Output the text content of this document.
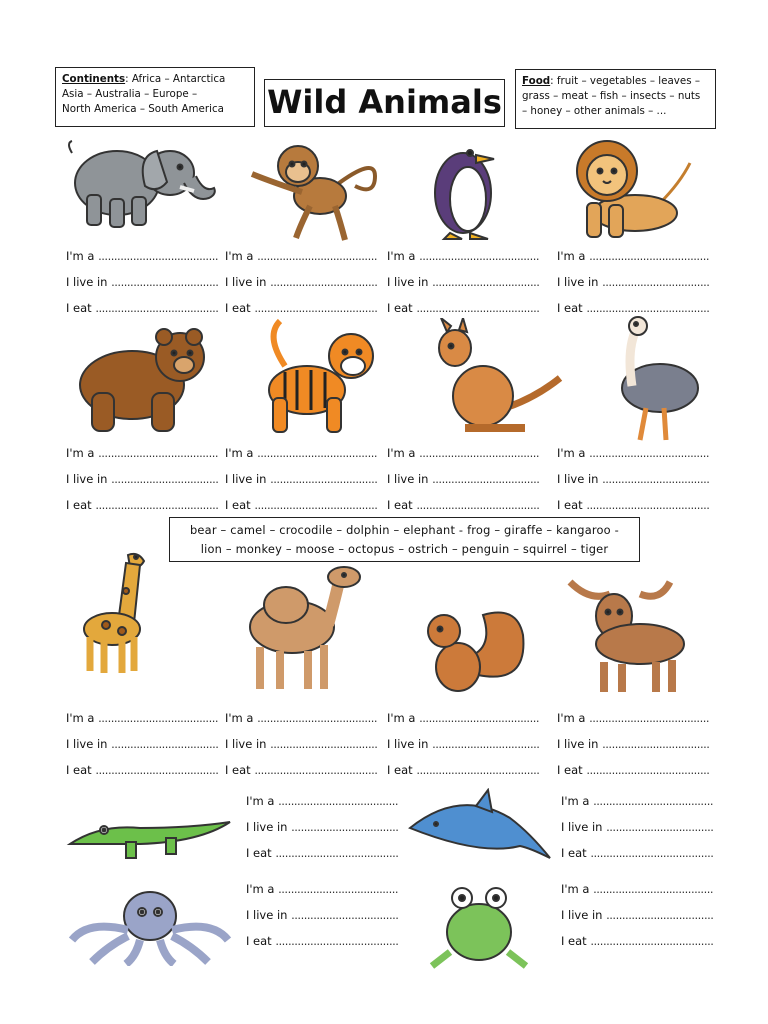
Continents: Africa – Antarctica
Asia – Australia – Europe –
North America – South America	Wild Animals
Food: fruit – vegetables – leaves –
grass – meat – fish – insects – nuts
– honey – other animals – ...
bear – camel – crocodile – dolphin – elephant - frog – giraffe – kangaroo -
lion – monkey – moose – octopus – ostrich – penguin – squirrel – tiger
I'm a ......................................
I live in ..................................
I eat .......................................
I'm a ......................................
I live in ..................................
I eat .......................................
I'm a ......................................
I live in ..................................
I eat .......................................
I'm a ......................................
I live in ..................................
I eat .......................................
I'm a ......................................
I live in ..................................
I eat .......................................
I'm a ......................................
I live in ..................................
I eat .......................................
I'm a ......................................
I live in ..................................
I eat .......................................
I'm a ......................................
I live in ..................................
I eat .......................................
I'm a ......................................
I live in ..................................
I eat .......................................
I'm a ......................................
I live in ..................................
I eat .......................................
I'm a ......................................
I live in ..................................
I eat .......................................
I'm a ......................................
I live in ..................................
I eat .......................................
I'm a ......................................
I live in ..................................
I eat .......................................
I'm a ......................................
I live in ..................................
I eat .......................................
I'm a ......................................
I live in ..................................
I eat .......................................
I'm a ......................................
I live in ..................................
I eat .......................................
